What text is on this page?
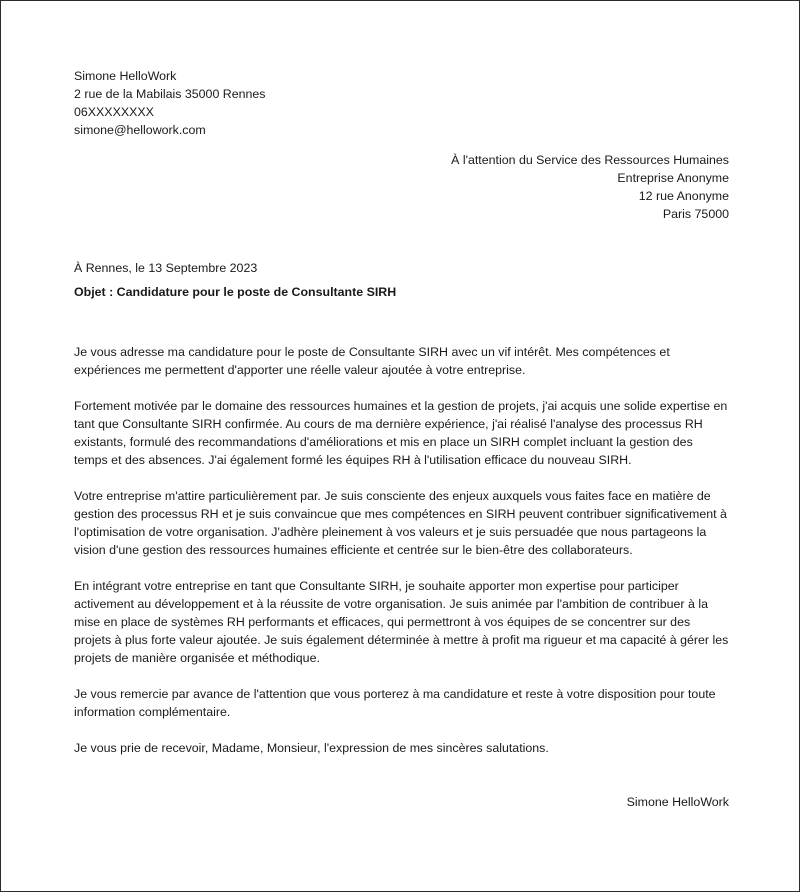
Simone HelloWork

2 rue de la Mabilais 35000 Rennes

06XXXXXXXX

simone@hellowork.com

À l'attention du Service des Ressources Humaines

Entreprise Anonyme

12 rue Anonyme

Paris 75000

À Rennes, le 13 Septembre 2023

Objet : Candidature pour le poste de Consultante SIRH

Je vous adresse ma candidature pour le poste de Consultante SIRH avec un vif intérêt. Mes compétences et expériences me permettent d'apporter une réelle valeur ajoutée à votre entreprise.

Fortement motivée par le domaine des ressources humaines et la gestion de projets, j'ai acquis une solide expertise en tant que Consultante SIRH confirmée. Au cours de ma dernière expérience, j'ai réalisé l'analyse des processus RH existants, formulé des recommandations d'améliorations et mis en place un SIRH complet incluant la gestion des temps et des absences. J'ai également formé les équipes RH à l'utilisation efficace du nouveau SIRH.

Votre entreprise m'attire particulièrement par. Je suis consciente des enjeux auxquels vous faites face en matière de gestion des processus RH et je suis convaincue que mes compétences en SIRH peuvent contribuer significativement à l'optimisation de votre organisation. J'adhère pleinement à vos valeurs et je suis persuadée que nous partageons la vision d'une gestion des ressources humaines efficiente et centrée sur le bien-être des collaborateurs.

En intégrant votre entreprise en tant que Consultante SIRH, je souhaite apporter mon expertise pour participer activement au développement et à la réussite de votre organisation. Je suis animée par l'ambition de contribuer à la mise en place de systèmes RH performants et efficaces, qui permettront à vos équipes de se concentrer sur des projets à plus forte valeur ajoutée. Je suis également déterminée à mettre à profit ma rigueur et ma capacité à gérer les projets de manière organisée et méthodique.

Je vous remercie par avance de l'attention que vous porterez à ma candidature et reste à votre disposition pour toute information complémentaire.

Je vous prie de recevoir, Madame, Monsieur, l'expression de mes sincères salutations.

Simone HelloWork
